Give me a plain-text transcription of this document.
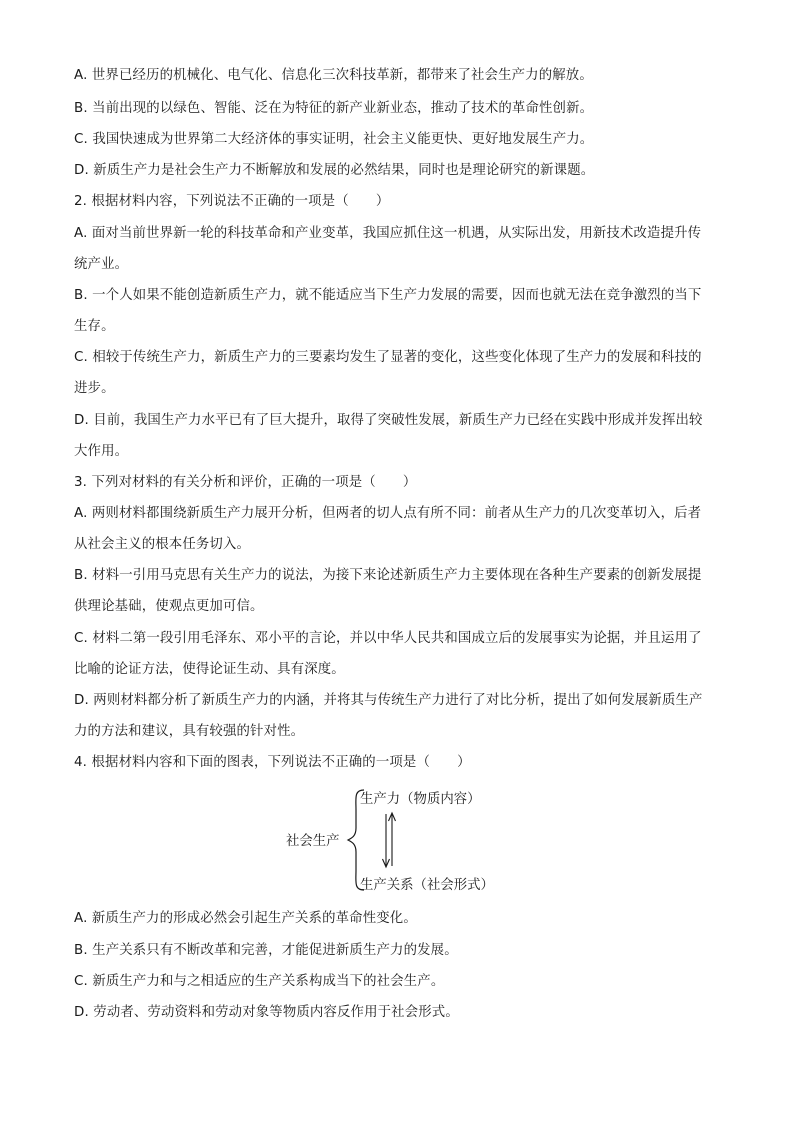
A. 世界已经历的机械化、电气化、信息化三次科技革新，都带来了社会生产力的解放。
B. 当前出现的以绿色、智能、泛在为特征的新产业新业态，推动了技术的革命性创新。
C. 我国快速成为世界第二大经济体的事实证明，社会主义能更快、更好地发展生产力。
D. 新质生产力是社会生产力不断解放和发展的必然结果，同时也是理论研究的新课题。
2. 根据材料内容，下列说法不正确的一项是（　　）
A. 面对当前世界新一轮的科技革命和产业变革，我国应抓住这一机遇，从实际出发，用新技术改造提升传
统产业。
B. 一个人如果不能创造新质生产力，就不能适应当下生产力发展的需要，因而也就无法在竞争激烈的当下
生存。
C. 相较于传统生产力，新质生产力的三要素均发生了显著的变化，这些变化体现了生产力的发展和科技的
进步。
D. 目前，我国生产力水平已有了巨大提升，取得了突破性发展，新质生产力已经在实践中形成并发挥出较
大作用。
3. 下列对材料的有关分析和评价，正确的一项是（　　）
A. 两则材料都围绕新质生产力展开分析，但两者的切人点有所不同：前者从生产力的几次变革切入，后者
从社会主义的根本任务切入。
B. 材料一引用马克思有关生产力的说法，为接下来论述新质生产力主要体现在各种生产要素的创新发展提
供理论基础，使观点更加可信。
C. 材料二第一段引用毛泽东、邓小平的言论，并以中华人民共和国成立后的发展事实为论据，并且运用了
比喻的论证方法，使得论证生动、具有深度。
D. 两则材料都分析了新质生产力的内涵，并将其与传统生产力进行了对比分析，提出了如何发展新质生产
力的方法和建议，具有较强的针对性。
4. 根据材料内容和下面的图表，下列说法不正确的一项是（　　）
社会生产
生产力（物质内容）
生产关系（社会形式）
A. 新质生产力的形成必然会引起生产关系的革命性变化。
B. 生产关系只有不断改革和完善，才能促进新质生产力的发展。
C. 新质生产力和与之相适应的生产关系构成当下的社会生产。
D. 劳动者、劳动资料和劳动对象等物质内容反作用于社会形式。
